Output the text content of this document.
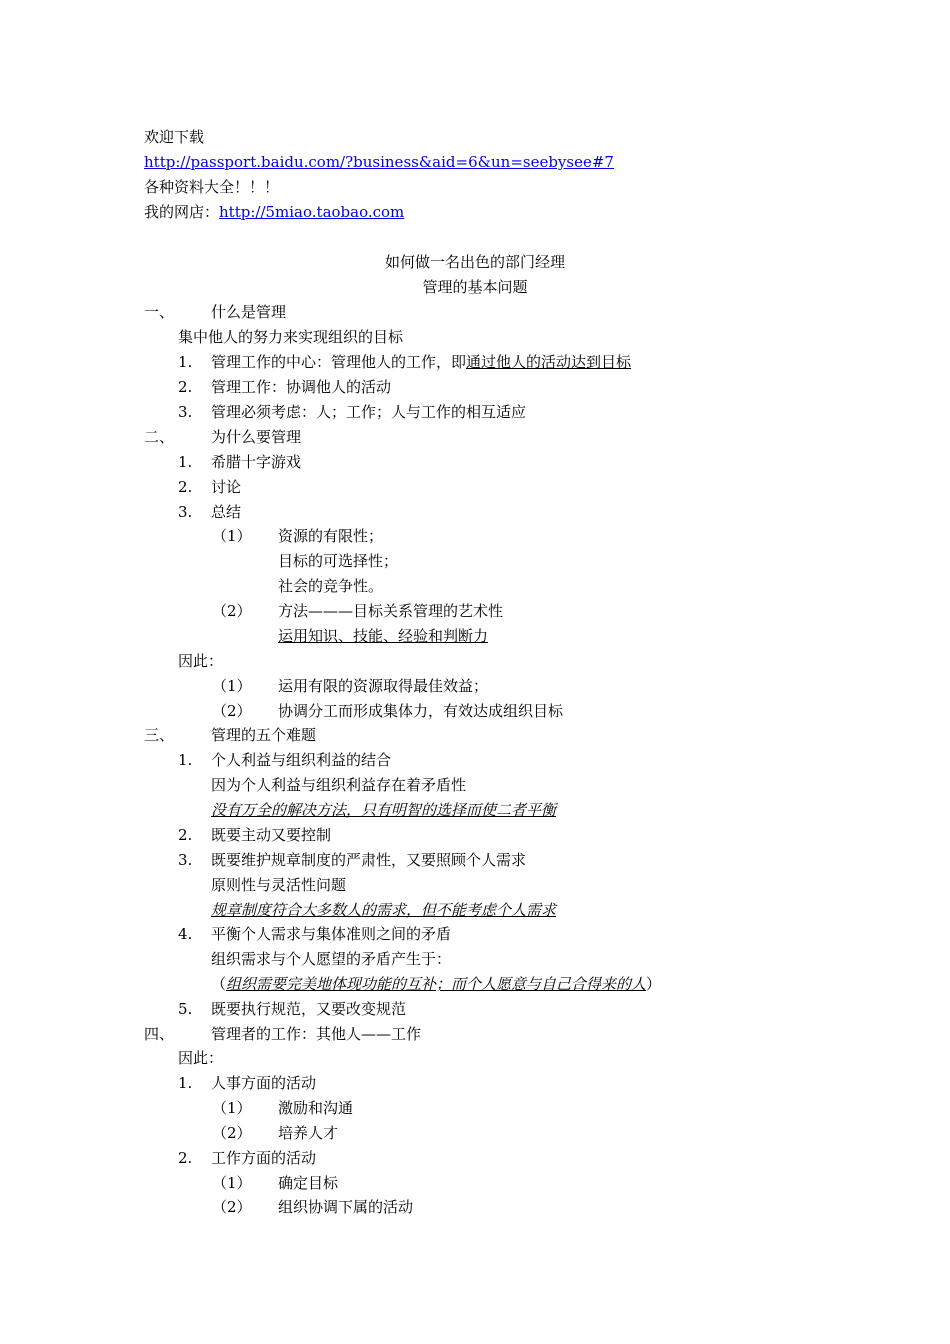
欢迎下载
http://passport.baidu.com/?business&aid=6&un=seebysee#7
各种资料大全！！！
我的网店：http://5miao.taobao.com
如何做一名出色的部门经理
管理的基本问题
一、 什么是管理
集中他人的努力来实现组织的目标
1. 管理工作的中心：管理他人的工作，即通过他人的活动达到目标
2. 管理工作：协调他人的活动
3. 管理必须考虑：人；工作；人与工作的相互适应
二、 为什么要管理
1. 希腊十字游戏
2. 讨论
3. 总结
（1） 资源的有限性；
目标的可选择性；
社会的竞争性。
（2） 方法———目标关系管理的艺术性
运用知识、技能、经验和判断力
因此：
（1） 运用有限的资源取得最佳效益；
（2） 协调分工而形成集体力，有效达成组织目标
三、 管理的五个难题
1. 个人利益与组织利益的结合
因为个人利益与组织利益存在着矛盾性
没有万全的解决方法，只有明智的选择而使二者平衡
2. 既要主动又要控制
3. 既要维护规章制度的严肃性，又要照顾个人需求
原则性与灵活性问题
规章制度符合大多数人的需求，但不能考虑个人需求
4. 平衡个人需求与集体准则之间的矛盾
组织需求与个人愿望的矛盾产生于：
（组织需要完美地体现功能的互补；而个人愿意与自己合得来的人）
5. 既要执行规范，又要改变规范
四、 管理者的工作：其他人——工作
因此：
1. 人事方面的活动
（1） 激励和沟通
（2） 培养人才
2. 工作方面的活动
（1） 确定目标
（2） 组织协调下属的活动
